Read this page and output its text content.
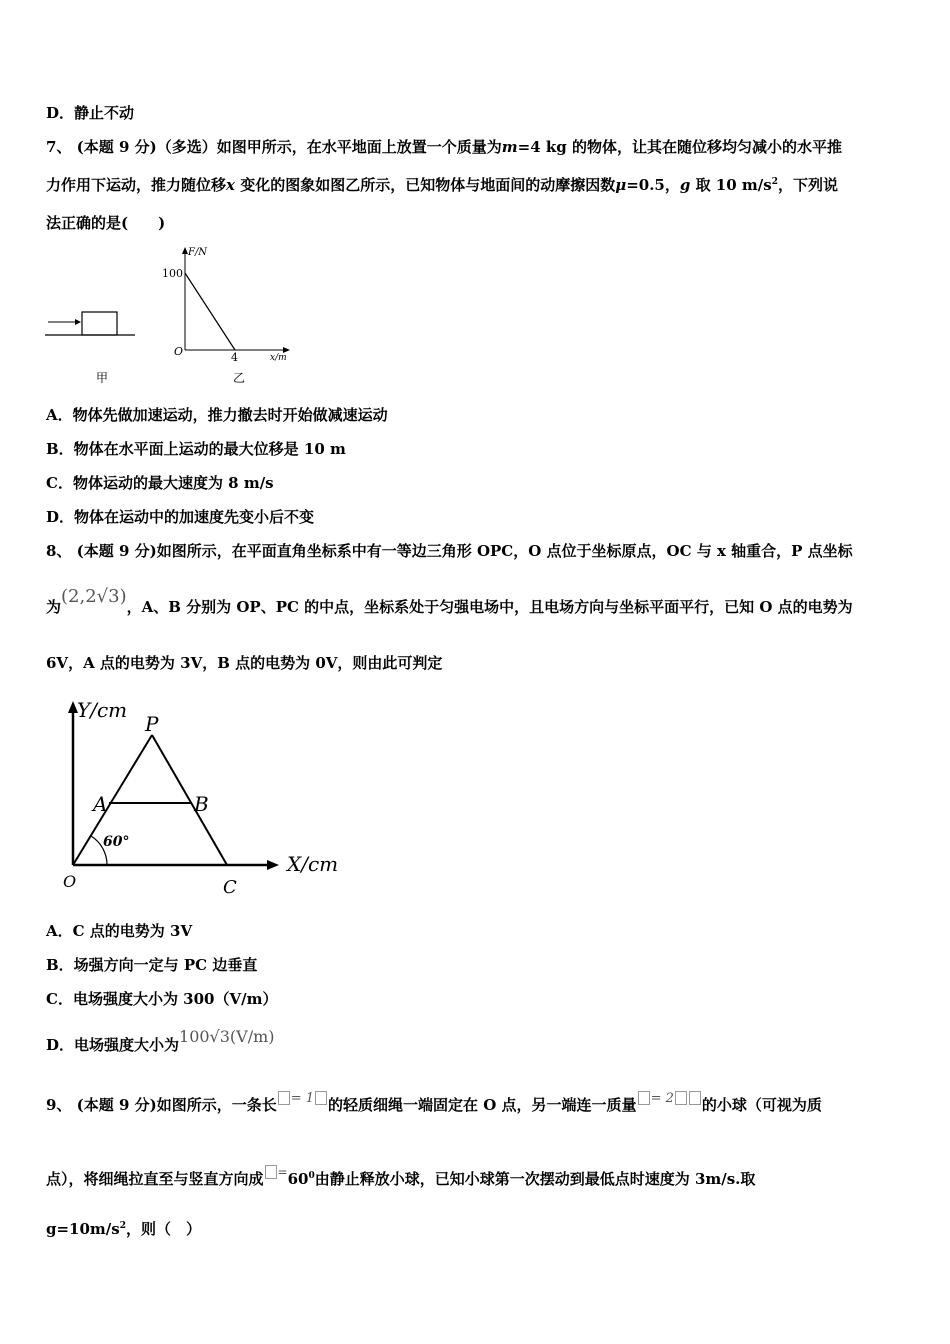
D．静止不动
7、 (本题 9 分)（多选）如图甲所示，在水平地面上放置一个质量为m=4 kg 的物体，让其在随位移均匀减小的水平推
力作用下运动，推力随位移x 变化的图象如图乙所示，已知物体与地面间的动摩擦因数μ=0.5，g 取 10 $m/s^2$，下列说
法正确的是(　　)
甲
F/N
100
O	4	x/m
乙
A．物体先做加速运动，推力撤去时开始做减速运动
B．物体在水平面上运动的最大位移是 10 m
C．物体运动的最大速度为 8 m/s
D．物体在运动中的加速度先变小后不变
8、 (本题 9 分)如图所示，在平面直角坐标系中有一等边三角形 OPC，O 点位于坐标原点，OC 与 x 轴重合，P 点坐标
为(2,2√3)，A、B 分别为 OP、PC 的中点，坐标系处于匀强电场中，且电场方向与坐标平面平行，已知 O 点的电势为
6V，A 点的电势为 3V，B 点的电势为 0V，则由此可判定
Y/cm
X/cm
P
A	B
O	C
60°
A．C 点的电势为 3V
B．场强方向一定与 PC 边垂直
C．电场强度大小为 300（V/m）
D．电场强度大小为100√3(V/m)
9、 (本题 9 分)如图所示，一条长 = 1 的轻质细绳一端固定在 O 点，另一端连一质量 = 2 的小球（可视为质
点），将细绳拉直至与竖直方向成 $=60^0$由静止释放小球，已知小球第一次摆动到最低点时速度为 3m/s.取
$g=10m/s^2$，则（　）
